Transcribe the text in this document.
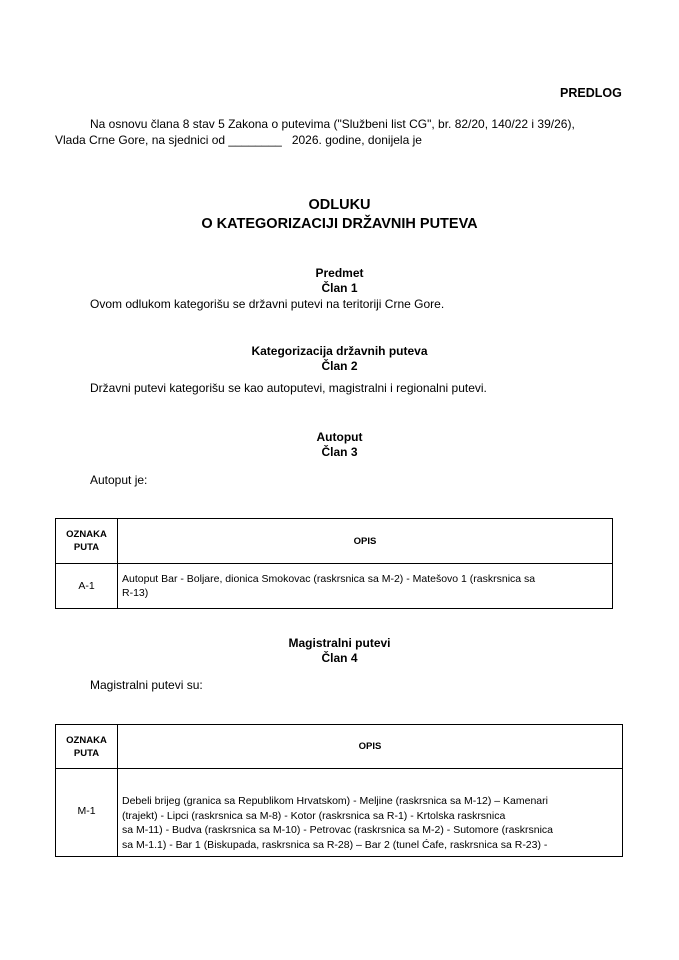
PREDLOG
Na osnovu člana 8 stav 5 Zakona o putevima ("Službeni list CG", br. 82/20, 140/22 i 39/26),
Vlada Crne Gore, na sjednici od ________   2026. godine, donijela je
ODLUKU
O KATEGORIZACIJI DRŽAVNIH PUTEVA
Predmet
Član 1
Ovom odlukom kategorišu se državni putevi na teritoriji Crne Gore.
Kategorizacija državnih puteva
Član 2
Državni putevi kategorišu se kao autoputevi, magistralni i regionalni putevi.
Autoput
Član 3
Autoput je:
OZNAKA
PUTA	OPIS
A-1	Autoput Bar - Boljare, dionica Smokovac (raskrsnica sa M-2) - Matešovo 1 (raskrsnica sa
R-13)
Magistralni putevi
Član 4
Magistralni putevi su:
OZNAKA
PUTA	OPIS
M-1	Debeli brijeg (granica sa Republikom Hrvatskom) - Meljine (raskrsnica sa M-12) – Kamenari
(trajekt) - Lipci (raskrsnica sa M-8) - Kotor (raskrsnica sa R-1) - Krtolska raskrsnica
sa M-11) - Budva (raskrsnica sa M-10) - Petrovac (raskrsnica sa M-2) - Sutomore (raskrsnica
sa M-1.1) - Bar 1 (Biskupada, raskrsnica sa R-28) – Bar 2 (tunel Ćafe, raskrsnica sa R-23) -
